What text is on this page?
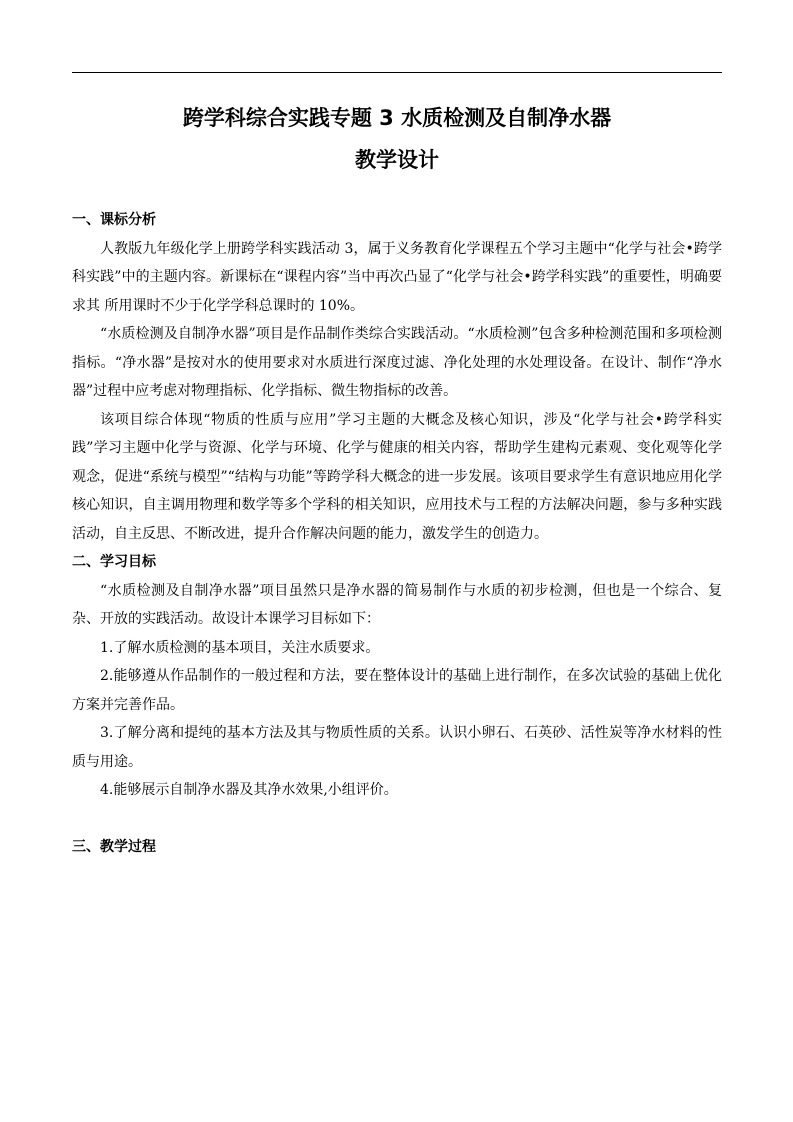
跨学科综合实践专题 3 水质检测及自制净水器
教学设计

一、课标分析

人教版九年级化学上册跨学科实践活动 3，属于义务教育化学课程五个学习主题中“化学与社会•跨学科实践”中的主题内容。新课标在“课程内容”当中再次凸显了“化学与社会•跨学科实践”的重要性，明确要求其 所用课时不少于化学学科总课时的 10%。

“水质检测及自制净水器”项目是作品制作类综合实践活动。“水质检测”包含多种检测范围和多项检测指标。“净水器”是按对水的使用要求对水质进行深度过滤、净化处理的水处理设备。在设计、制作“净水器”过程中应考虑对物理指标、化学指标、微生物指标的改善。

该项目综合体现“物质的性质与应用”学习主题的大概念及核心知识，涉及“化学与社会•跨学科实践”学习主题中化学与资源、化学与环境、化学与健康的相关内容，帮助学生建构元素观、变化观等化学观念，促进“系统与模型”“结构与功能”等跨学科大概念的进一步发展。该项目要求学生有意识地应用化学核心知识，自主调用物理和数学等多个学科的相关知识，应用技术与工程的方法解决问题，参与多种实践活动，自主反思、不断改进，提升合作解决问题的能力，激发学生的创造力。

二、学习目标

“水质检测及自制净水器”项目虽然只是净水器的简易制作与水质的初步检测，但也是一个综合、复杂、开放的实践活动。故设计本课学习目标如下：

1.了解水质检测的基本项目，关注水质要求。

2.能够遵从作品制作的一般过程和方法，要在整体设计的基础上进行制作，在多次试验的基础上优化方案并完善作品。

3.了解分离和提纯的基本方法及其与物质性质的关系。认识小卵石、石英砂、活性炭等净水材料的性质与用途。

4.能够展示自制净水器及其净水效果,小组评价。

三、教学过程
